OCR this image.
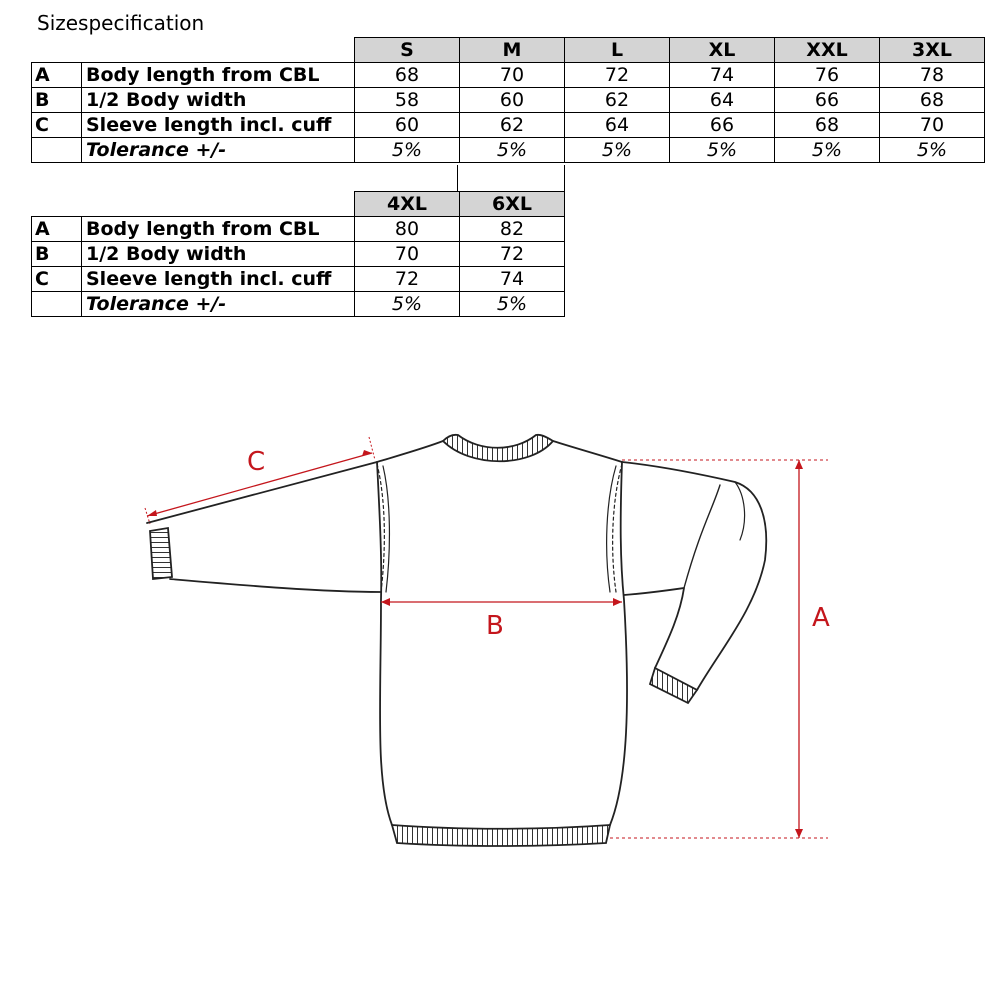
Sizespecification
		S	M	L	XL	XXL	3XL
A	Body length from CBL	68	70	72	74	76	78
B	1/2 Body width	58	60	62	64	66	68
C	Sleeve length incl. cuff	60	62	64	66	68	70
	Tolerance +/-	5%	5%	5%	5%	5%	5%
		4XL	6XL
A	Body length from CBL	80	82
B	1/2 Body width	70	72
C	Sleeve length incl. cuff	72	74
	Tolerance +/-	5%	5%
C
B	A
